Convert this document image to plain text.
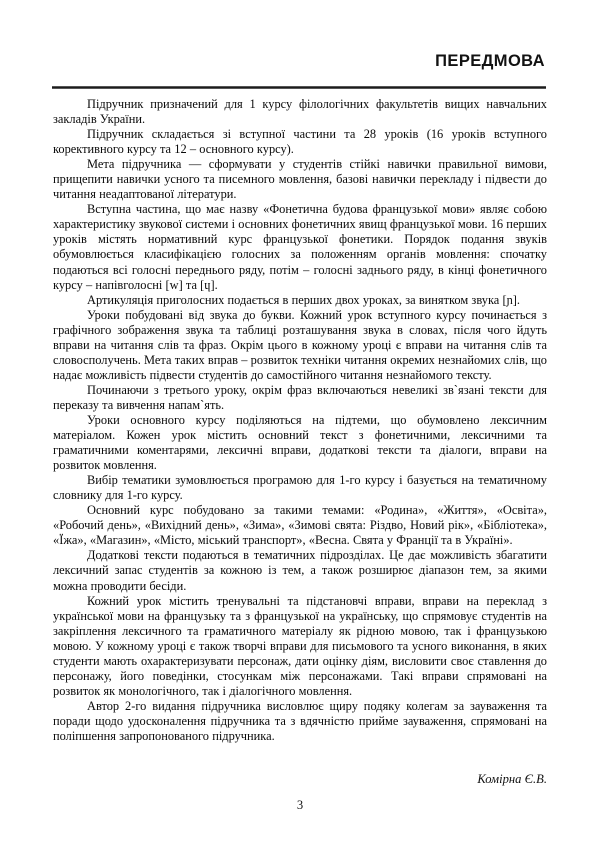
ПЕРЕДМОВА

Підручник призначений для 1 курсу філологічних факультетів вищих навчальних закладів України.

Підручник складається зі вступної частини та 28 уроків (16 уроків вступного корективного курсу та 12 – основного курсу).

Мета підручника — сформувати у студентів стійкі навички правильної вимови, прищепити навички усного та писемного мовлення, базові навички перекладу і підвести до читання неадаптованої літератури.

Вступна частина, що має назву «Фонетична будова французької мови» являє собою характеристику звукової системи і основних фонетичних явищ французької мови. 16 перших уроків містять нормативний курс французької фонетики. Порядок подання звуків обумовлюється класифікацією голосних за положенням органів мовлення: спочатку подаються всі голосні переднього ряду, потім – голосні заднього ряду, в кінці фонетичного курсу – напівголосні [w] та [ɥ].

Артикуляція приголосних подається в перших двох уроках, за винятком звука [ɲ].

Уроки побудовані від звука до букви. Кожний урок вступного курсу починається з графічного зображення звука та таблиці розташування звука в словах, після чого йдуть вправи на читання слів та фраз. Окрім цього в кожному уроці є вправи на читання слів та словосполучень. Мета таких вправ – розвиток техніки читання окремих незнайомих слів, що надає можливість підвести студентів до самостійного читання незнайомого тексту.

Починаючи з третього уроку, окрім фраз включаються невеликі зв`язані тексти для переказу та вивчення напам`ять.

Уроки основного курсу поділяються на підтеми, що обумовлено лексичним матеріалом. Кожен урок містить основний текст з фонетичними, лексичними та граматичними коментарями, лексичні вправи, додаткові тексти та діалоги, вправи на розвиток мовлення.

Вибір тематики зумовлюється програмою для 1-го курсу і базується на тематичному словнику для 1-го курсу.

Основний курс побудовано за такими темами: «Родина», «Життя», «Освіта», «Робочий день», «Вихідний день», «Зима», «Зимові свята: Різдво, Новий рік», «Бібліотека», «Їжа», «Магазин», «Місто, міський транспорт», «Весна. Свята у Франції та в Україні».

Додаткові тексти подаються в тематичних підрозділах. Це дає можливість збагатити лексичний запас студентів за кожною із тем, а також розширює діапазон тем, за якими можна проводити бесіди.

Кожний урок містить тренувальні та підстановчі вправи, вправи на переклад з української мови на французьку та з французької на українську, що спрямовує студентів на закріплення лексичного та граматичного матеріалу як рідною мовою, так і французькою мовою. У кожному уроці є також творчі вправи для письмового та усного виконання, в яких студенти мають охарактеризувати персонаж, дати оцінку діям, висловити своє ставлення до персонажу, його поведінки, стосункам між персонажами. Такі вправи спрямовані на розвиток як монологічного, так і діалогічного мовлення.

Автор 2-го видання підручника висловлює щиру подяку колегам за зауваження та поради щодо удосконалення підручника та з вдячністю прийме зауваження, спрямовані на поліпшення запропонованого підручника.

Комірна Є.В.
3
